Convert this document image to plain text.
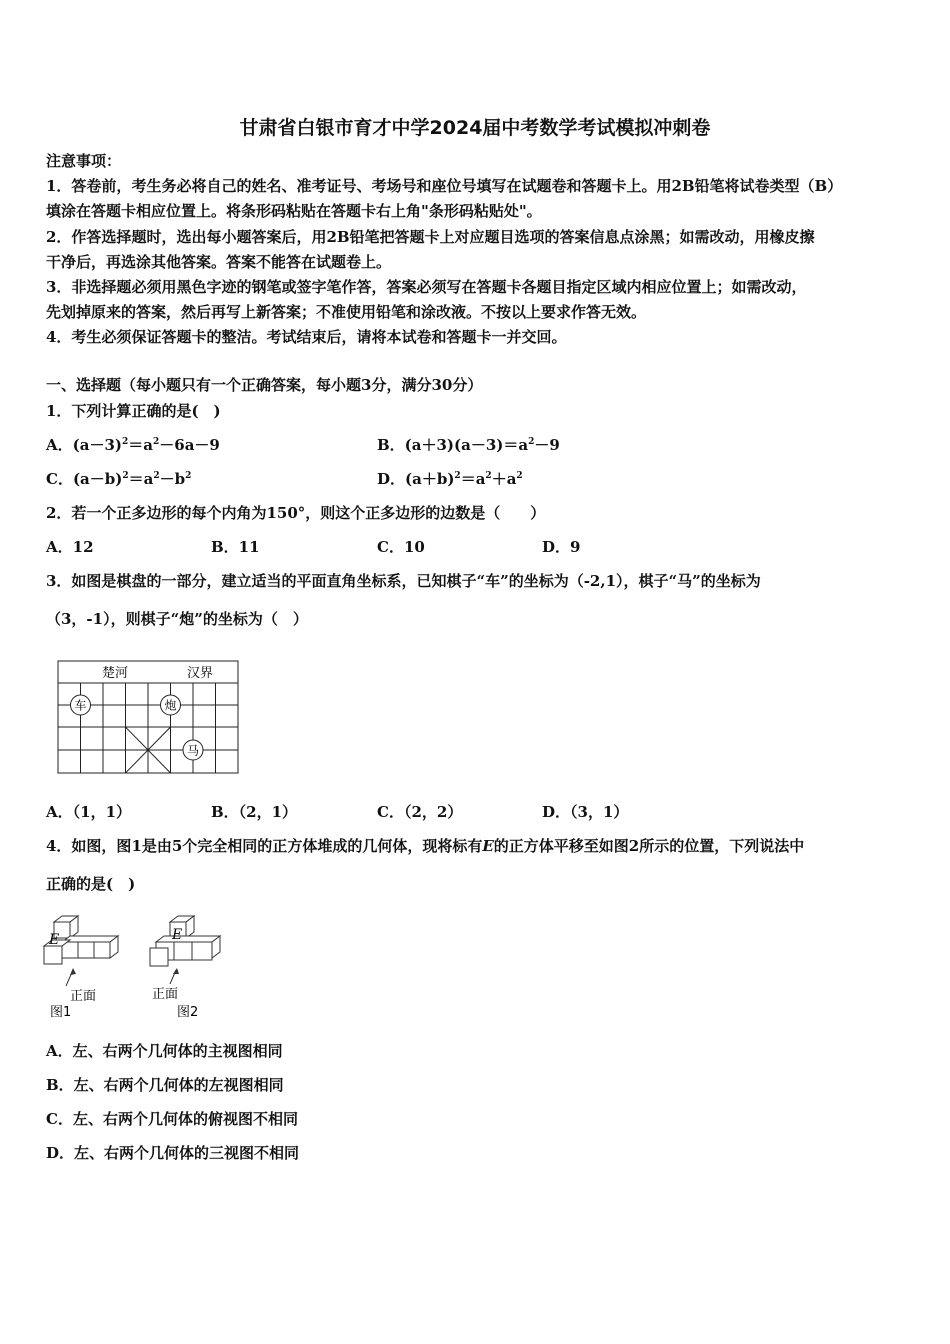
甘肃省白银市育才中学2024届中考数学考试模拟冲刺卷
注意事项：
1．答卷前，考生务必将自己的姓名、准考证号、考场号和座位号填写在试题卷和答题卡上。用2B铅笔将试卷类型（B）
填涂在答题卡相应位置上。将条形码粘贴在答题卡右上角"条形码粘贴处"。
2．作答选择题时，选出每小题答案后，用2B铅笔把答题卡上对应题目选项的答案信息点涂黑；如需改动，用橡皮擦
干净后，再选涂其他答案。答案不能答在试题卷上。
3．非选择题必须用黑色字迹的钢笔或签字笔作答，答案必须写在答题卡各题目指定区域内相应位置上；如需改动，
先划掉原来的答案，然后再写上新答案；不准使用铅笔和涂改液。不按以上要求作答无效。
4．考生必须保证答题卡的整洁。考试结束后，请将本试卷和答题卡一并交回。
一、选择题（每小题只有一个正确答案，每小题3分，满分30分）
1．下列计算正确的是(　)
A．$(a-3)^2=a^2-6a-9$	B．$(a+3)(a-3)=a^2-9$
C．$(a-b)^2=a^2-b^2$	D．$(a+b)^2=a^2+a^2$
2．若一个正多边形的每个内角为150°，则这个正多边形的边数是（　　）
A．12	B．11	C．10	D．9
3．如图是棋盘的一部分，建立适当的平面直角坐标系，已知棋子“车”的坐标为（-2,1），棋子“马”的坐标为
（3，-1），则棋子“炮”的坐标为（　）
楚河	汉界
车	炮
马
A．（1，1）	B．（2，1）	C．（2，2）	D．（3，1）
4．如图，图1是由5个完全相同的正方体堆成的几何体，现将标有E的正方体平移至如图2所示的位置，下列说法中
正确的是(　)
E
正面
图1
E
正面
图2
A．左、右两个几何体的主视图相同
B．左、右两个几何体的左视图相同
C．左、右两个几何体的俯视图不相同
D．左、右两个几何体的三视图不相同
